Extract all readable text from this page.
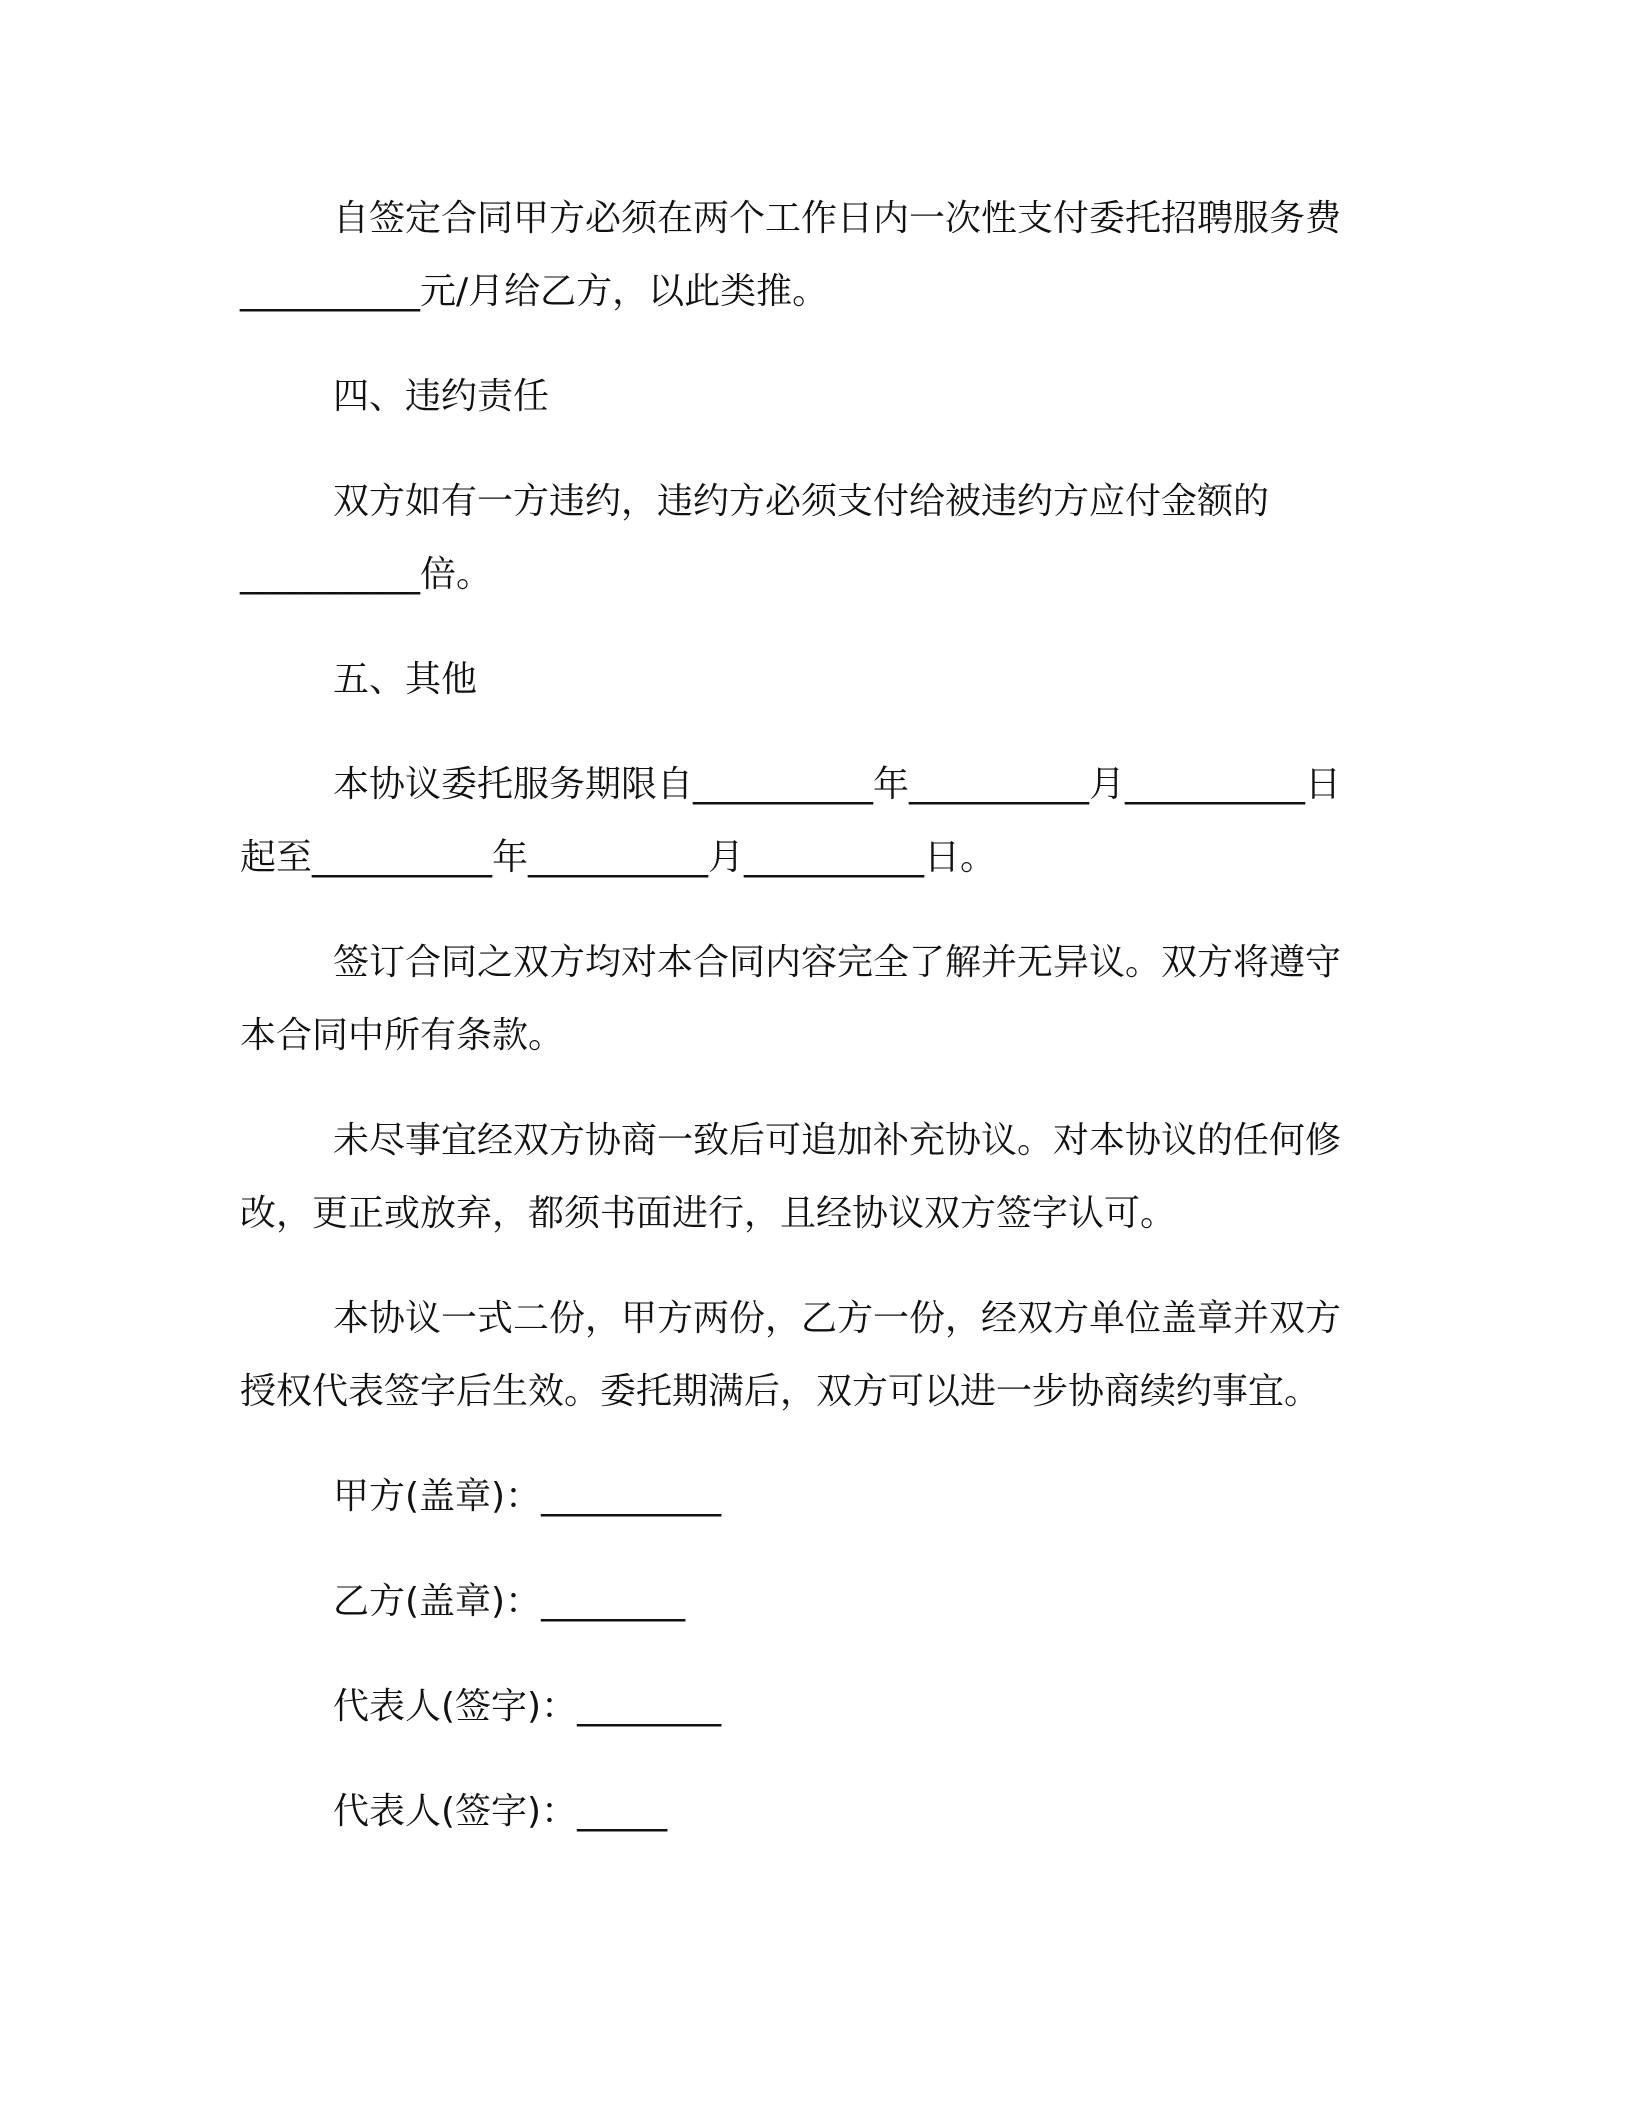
自签定合同甲方必须在两个工作日内一次性支付委托招聘服务费
__________元/月给乙方，以此类推。
四、违约责任
双方如有一方违约，违约方必须支付给被违约方应付金额的
__________倍。
五、其他
本协议委托服务期限自__________年__________月__________日
起至__________年__________月__________日。
签订合同之双方均对本合同内容完全了解并无异议。双方将遵守
本合同中所有条款。
未尽事宜经双方协商一致后可追加补充协议。对本协议的任何修
改，更正或放弃，都须书面进行，且经协议双方签字认可。
本协议一式二份，甲方两份，乙方一份，经双方单位盖章并双方
授权代表签字后生效。委托期满后，双方可以进一步协商续约事宜。
甲方(盖章)：__________
乙方(盖章)：________
代表人(签字)：________
代表人(签字)：_____
